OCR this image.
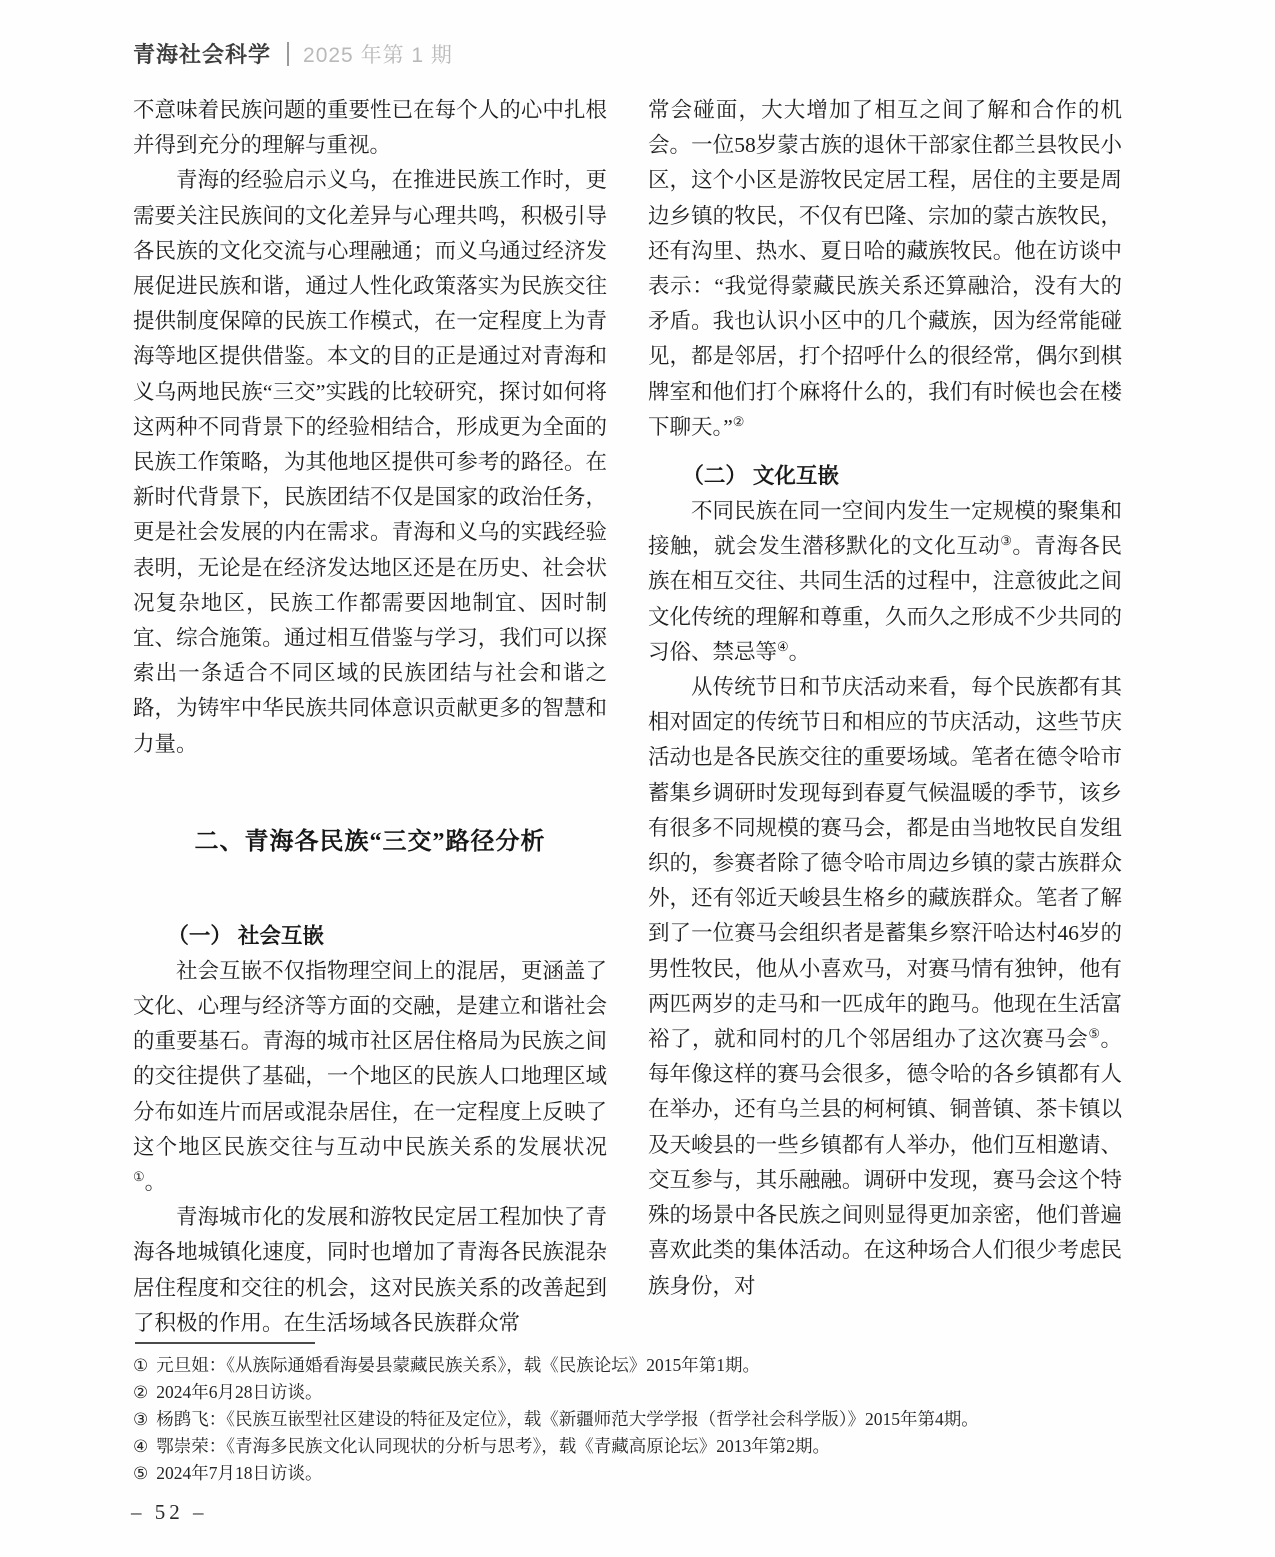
青海社会科学 2025 年第 1 期

不意味着民族问题的重要性已在每个人的心中扎根并得到充分的理解与重视。

青海的经验启示义乌，在推进民族工作时，更需要关注民族间的文化差异与心理共鸣，积极引导各民族的文化交流与心理融通；而义乌通过经济发展促进民族和谐，通过人性化政策落实为民族交往提供制度保障的民族工作模式，在一定程度上为青海等地区提供借鉴。本文的目的正是通过对青海和义乌两地民族“三交”实践的比较研究，探讨如何将这两种不同背景下的经验相结合，形成更为全面的民族工作策略，为其他地区提供可参考的路径。在新时代背景下，民族团结不仅是国家的政治任务，更是社会发展的内在需求。青海和义乌的实践经验表明，无论是在经济发达地区还是在历史、社会状况复杂地区，民族工作都需要因地制宜、因时制宜、综合施策。通过相互借鉴与学习，我们可以探索出一条适合不同区域的民族团结与社会和谐之路，为铸牢中华民族共同体意识贡献更多的智慧和力量。

二、青海各民族“三交”路径分析
（一） 社会互嵌

社会互嵌不仅指物理空间上的混居，更涵盖了文化、心理与经济等方面的交融，是建立和谐社会的重要基石。青海的城市社区居住格局为民族之间的交往提供了基础，一个地区的民族人口地理区域分布如连片而居或混杂居住，在一定程度上反映了这个地区民族交往与互动中民族关系的发展状况①。

青海城市化的发展和游牧民定居工程加快了青海各地城镇化速度，同时也增加了青海各民族混杂居住程度和交往的机会，这对民族关系的改善起到了积极的作用。在生活场域各民族群众常

常会碰面，大大增加了相互之间了解和合作的机会。一位58岁蒙古族的退休干部家住都兰县牧民小区，这个小区是游牧民定居工程，居住的主要是周边乡镇的牧民，不仅有巴隆、宗加的蒙古族牧民，还有沟里、热水、夏日哈的藏族牧民。他在访谈中表示：“我觉得蒙藏民族关系还算融洽，没有大的矛盾。我也认识小区中的几个藏族，因为经常能碰见，都是邻居，打个招呼什么的很经常，偶尔到棋牌室和他们打个麻将什么的，我们有时候也会在楼下聊天。”②

（二） 文化互嵌

不同民族在同一空间内发生一定规模的聚集和接触，就会发生潜移默化的文化互动③。青海各民族在相互交往、共同生活的过程中，注意彼此之间文化传统的理解和尊重，久而久之形成不少共同的习俗、禁忌等④。

从传统节日和节庆活动来看，每个民族都有其相对固定的传统节日和相应的节庆活动，这些节庆活动也是各民族交往的重要场域。笔者在德令哈市蓄集乡调研时发现每到春夏气候温暖的季节，该乡有很多不同规模的赛马会，都是由当地牧民自发组织的，参赛者除了德令哈市周边乡镇的蒙古族群众外，还有邻近天峻县生格乡的藏族群众。笔者了解到了一位赛马会组织者是蓄集乡察汗哈达村46岁的男性牧民，他从小喜欢马，对赛马情有独钟，他有两匹两岁的走马和一匹成年的跑马。他现在生活富裕了，就和同村的几个邻居组办了这次赛马会⑤。每年像这样的赛马会很多，德令哈的各乡镇都有人在举办，还有乌兰县的柯柯镇、铜普镇、茶卡镇以及天峻县的一些乡镇都有人举办，他们互相邀请、交互参与，其乐融融。调研中发现，赛马会这个特殊的场景中各民族之间则显得更加亲密，他们普遍喜欢此类的集体活动。在这种场合人们很少考虑民族身份，对

① 元旦姐：《从族际通婚看海晏县蒙藏民族关系》，载《民族论坛》2015年第1期。
② 2024年6月28日访谈。
③ 杨鹍飞：《民族互嵌型社区建设的特征及定位》，载《新疆师范大学学报（哲学社会科学版）》2015年第4期。
④ 鄂崇荣：《青海多民族文化认同现状的分析与思考》，载《青藏高原论坛》2013年第2期。
⑤ 2024年7月18日访谈。
– 52 –
